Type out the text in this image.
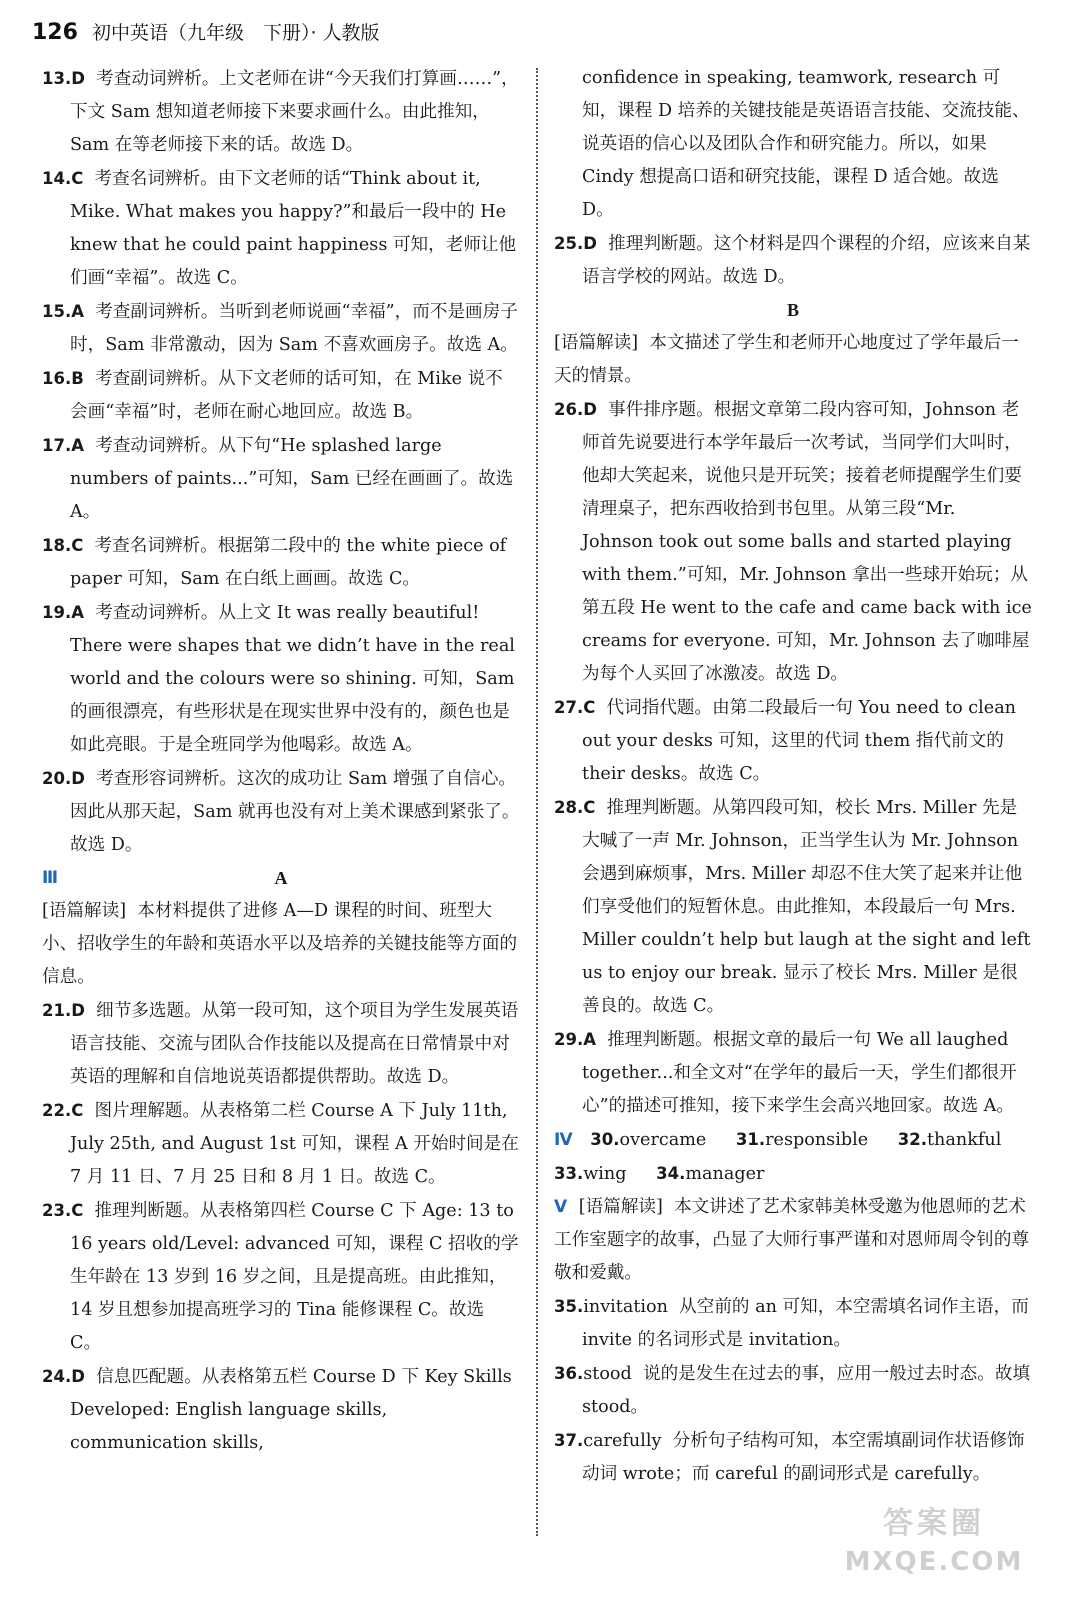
126 初中英语（九年级　下册）· 人教版

13.D 考查动词辨析。上文老师在讲“今天我们打算画……”，下文 Sam 想知道老师接下来要求画什么。由此推知，Sam 在等老师接下来的话。故选 D。

14.C 考查名词辨析。由下文老师的话“Think about it, Mike. What makes you happy?”和最后一段中的 He knew that he could paint happiness 可知，老师让他们画“幸福”。故选 C。

15.A 考查副词辨析。当听到老师说画“幸福”，而不是画房子时，Sam 非常激动，因为 Sam 不喜欢画房子。故选 A。

16.B 考查副词辨析。从下文老师的话可知，在 Mike 说不会画“幸福”时，老师在耐心地回应。故选 B。

17.A 考查动词辨析。从下句“He splashed large numbers of paints...”可知，Sam 已经在画画了。故选 A。

18.C 考查名词辨析。根据第二段中的 the white piece of paper 可知，Sam 在白纸上画画。故选 C。

19.A 考查动词辨析。从上文 It was really beautiful! There were shapes that we didn’t have in the real world and the colours were so shining. 可知，Sam 的画很漂亮，有些形状是在现实世界中没有的，颜色也是如此亮眼。于是全班同学为他喝彩。故选 A。

20.D 考查形容词辨析。这次的成功让 Sam 增强了自信心。因此从那天起，Sam 就再也没有对上美术课感到紧张了。故选 D。

Ⅲ	A

[语篇解读] 本材料提供了进修 A—D 课程的时间、班型大小、招收学生的年龄和英语水平以及培养的关键技能等方面的信息。

21.D 细节多选题。从第一段可知，这个项目为学生发展英语语言技能、交流与团队合作技能以及提高在日常情景中对英语的理解和自信地说英语都提供帮助。故选 D。

22.C 图片理解题。从表格第二栏 Course A 下 July 11th, July 25th, and August 1st 可知，课程 A 开始时间是在 7 月 11 日、7 月 25 日和 8 月 1 日。故选 C。

23.C 推理判断题。从表格第四栏 Course C 下 Age: 13 to 16 years old/Level: advanced 可知，课程 C 招收的学生年龄在 13 岁到 16 岁之间，且是提高班。由此推知，14 岁且想参加提高班学习的 Tina 能修课程 C。故选 C。

24.D 信息匹配题。从表格第五栏 Course D 下 Key Skills Developed: English language skills, communication skills,

confidence in speaking, teamwork, research 可知，课程 D 培养的关键技能是英语语言技能、交流技能、说英语的信心以及团队合作和研究能力。所以，如果 Cindy 想提高口语和研究技能，课程 D 适合她。故选 D。

25.D 推理判断题。这个材料是四个课程的介绍，应该来自某语言学校的网站。故选 D。

B

[语篇解读] 本文描述了学生和老师开心地度过了学年最后一天的情景。

26.D 事件排序题。根据文章第二段内容可知，Johnson 老师首先说要进行本学年最后一次考试，当同学们大叫时，他却大笑起来，说他只是开玩笑；接着老师提醒学生们要清理桌子，把东西收拾到书包里。从第三段“Mr. Johnson took out some balls and started playing with them.”可知，Mr. Johnson 拿出一些球开始玩；从第五段 He went to the cafe and came back with ice creams for everyone. 可知，Mr. Johnson 去了咖啡屋为每个人买回了冰激凌。故选 D。

27.C 代词指代题。由第二段最后一句 You need to clean out your desks 可知，这里的代词 them 指代前文的 their desks。故选 C。

28.C 推理判断题。从第四段可知，校长 Mrs. Miller 先是大喊了一声 Mr. Johnson，正当学生认为 Mr. Johnson 会遇到麻烦事，Mrs. Miller 却忍不住大笑了起来并让他们享受他们的短暂休息。由此推知，本段最后一句 Mrs. Miller couldn’t help but laugh at the sight and left us to enjoy our break. 显示了校长 Mrs. Miller 是很善良的。故选 C。

29.A 推理判断题。根据文章的最后一句 We all laughed together...和全文对“在学年的最后一天，学生们都很开心”的描述可推知，接下来学生会高兴地回家。故选 A。

Ⅳ 30.overcame 31.responsible 32.thankful 33.wing 34.manager

Ⅴ [语篇解读] 本文讲述了艺术家韩美林受邀为他恩师的艺术工作室题字的故事，凸显了大师行事严谨和对恩师周令钊的尊敬和爱戴。

35.invitation 从空前的 an 可知，本空需填名词作主语，而 invite 的名词形式是 invitation。

36.stood 说的是发生在过去的事，应用一般过去时态。故填 stood。

37.carefully 分析句子结构可知，本空需填副词作状语修饰动词 wrote；而 careful 的副词形式是 carefully。

答案圈
MXQE.COM
